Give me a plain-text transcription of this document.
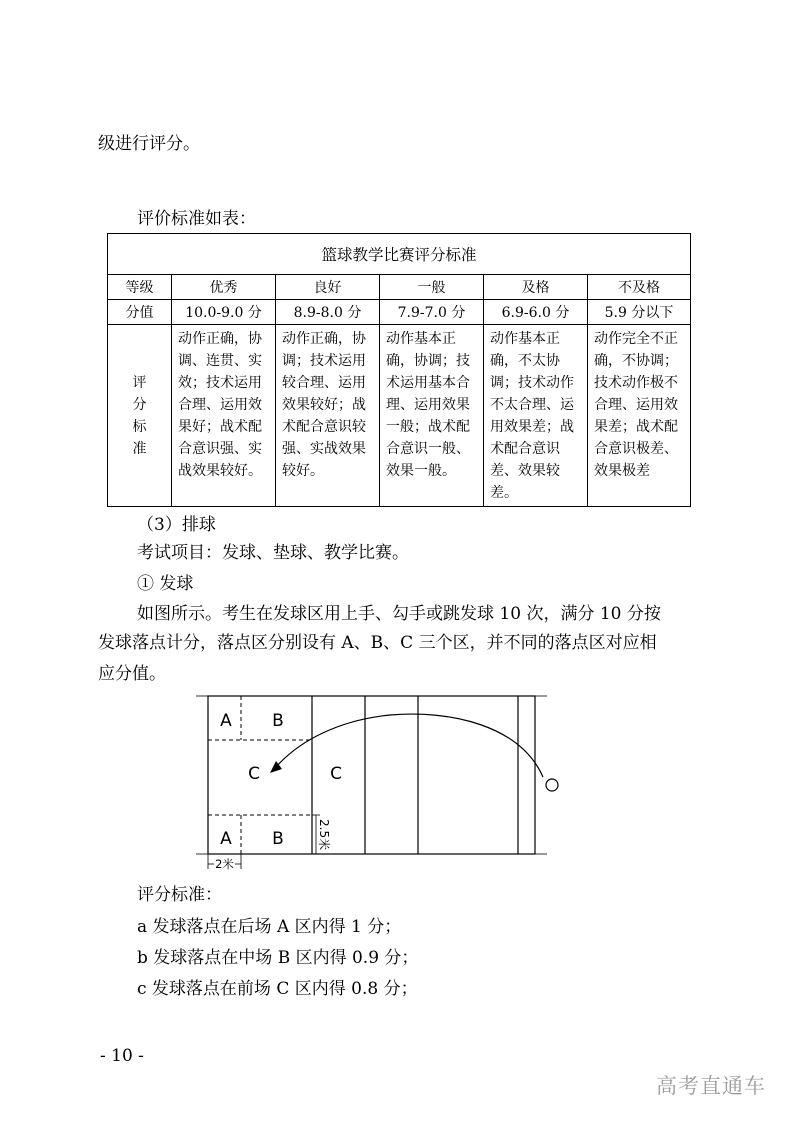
级进行评分。
评价标准如表：
篮球教学比赛评分标准					
等级	优秀	良好	一般	及格	不及格
分值	10.0-9.0 分	8.9-8.0 分	7.9-7.0 分	6.9-6.0 分	5.9 分以下

评
分
标
准	动作正确，协调、连贯、实效；技术运用合理、运用效果好；战术配合意识强、实战效果较好。	动作正确，协调；技术运用较合理、运用效果较好；战术配合意识较强、实战效果较好。	动作基本正确，协调；技术运用基本合理、运用效果一般；战术配合意识一般、效果一般。	动作基本正确，不太协调；技术动作不太合理、运用效果差；战术配合意识差、效果较差。	动作完全不正确，不协调；技术动作极不合理、运用效果差；战术配合意识极差、效果极差
（3）排球
考试项目：发球、垫球、教学比赛。
① 发球
如图所示。考生在发球区用上手、勾手或跳发球 10 次，满分 10 分按
发球落点计分，落点区分别设有 A、B、C 三个区，并不同的落点区对应相
应分值。
A B
C	C
A B	2.5米
2米
评分标准：
a 发球落点在后场 A 区内得 1 分；
b 发球落点在中场 B 区内得 0.9 分；
c 发球落点在前场 C 区内得 0.8 分；
- 10 -
高考直通车
